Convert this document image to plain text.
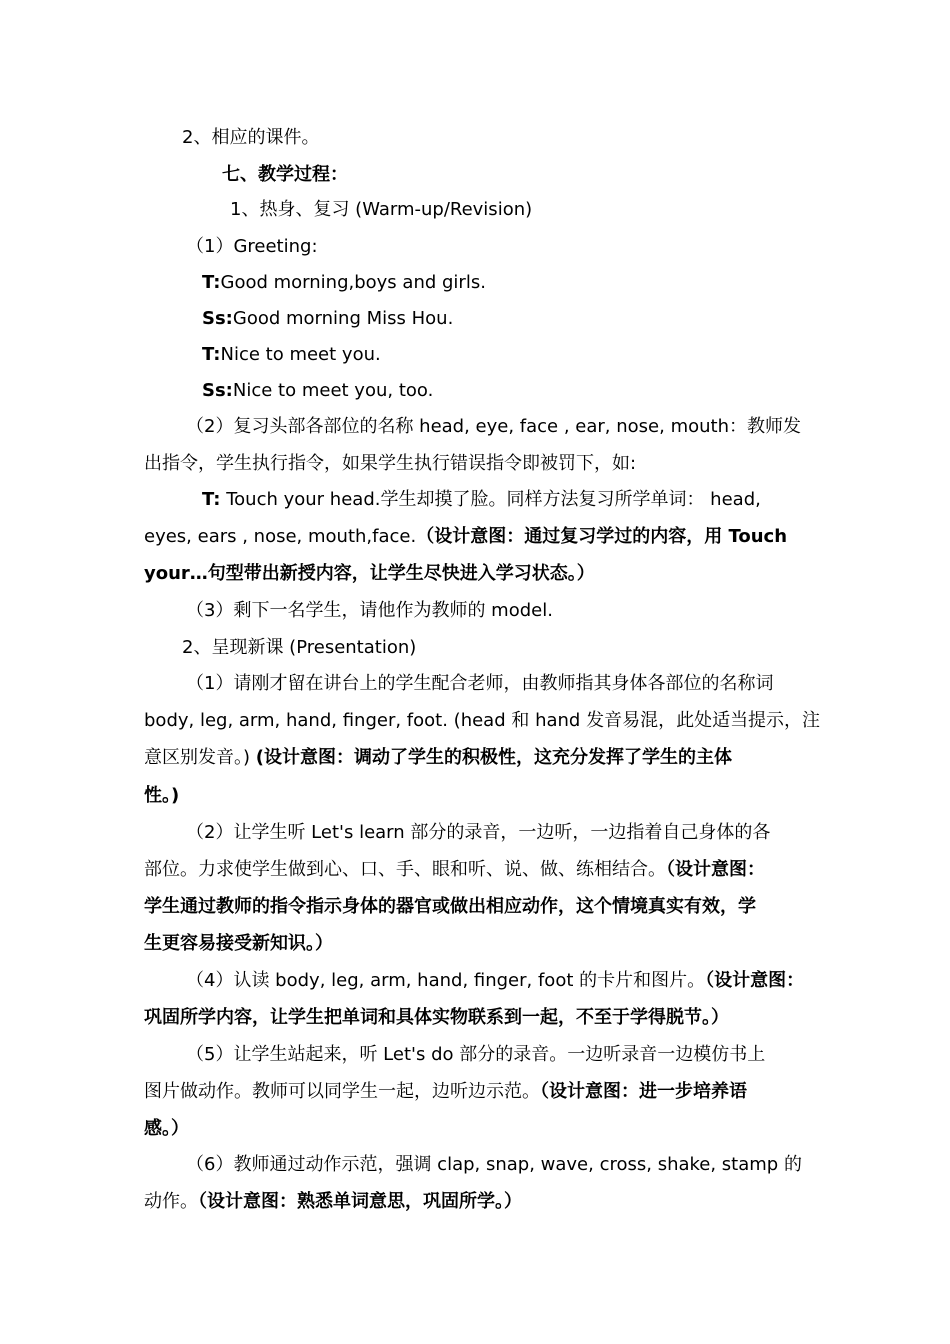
2、相应的课件。

七、教学过程：

1、热身、复习 (Warm-up/Revision)

（1）Greeting:

T:Good morning,boys and girls.

Ss:Good morning Miss Hou.

T:Nice to meet you.

Ss:Nice to meet you, too.

（2）复习头部各部位的名称 head, eye, face , ear, nose, mouth：教师发

出指令，学生执行指令，如果学生执行错误指令即被罚下，如:

T: Touch your head.学生却摸了脸。同样方法复习所学单词： head,

eyes, ears , nose, mouth,face.（设计意图：通过复习学过的内容，用 Touch

your…句型带出新授内容，让学生尽快进入学习状态。）

（3）剩下一名学生，请他作为教师的 model.

2、呈现新课 (Presentation)

（1）请刚才留在讲台上的学生配合老师，由教师指其身体各部位的名称词

body, leg, arm, hand, finger, foot. (head 和 hand 发音易混，此处适当提示，注

意区别发音。) (设计意图：调动了学生的积极性，这充分发挥了学生的主体

性。)

（2）让学生听 Let's learn 部分的录音，一边听，一边指着自己身体的各

部位。力求使学生做到心、口、手、眼和听、说、做、练相结合。（设计意图：

学生通过教师的指令指示身体的器官或做出相应动作，这个情境真实有效，学

生更容易接受新知识。）

（4）认读 body, leg, arm, hand, finger, foot 的卡片和图片。（设计意图：

巩固所学内容，让学生把单词和具体实物联系到一起，不至于学得脱节。）

（5）让学生站起来，听 Let's do 部分的录音。一边听录音一边模仿书上

图片做动作。教师可以同学生一起，边听边示范。（设计意图：进一步培养语

感。）

（6）教师通过动作示范，强调 clap, snap, wave, cross, shake, stamp 的

动作。（设计意图：熟悉单词意思，巩固所学。）
